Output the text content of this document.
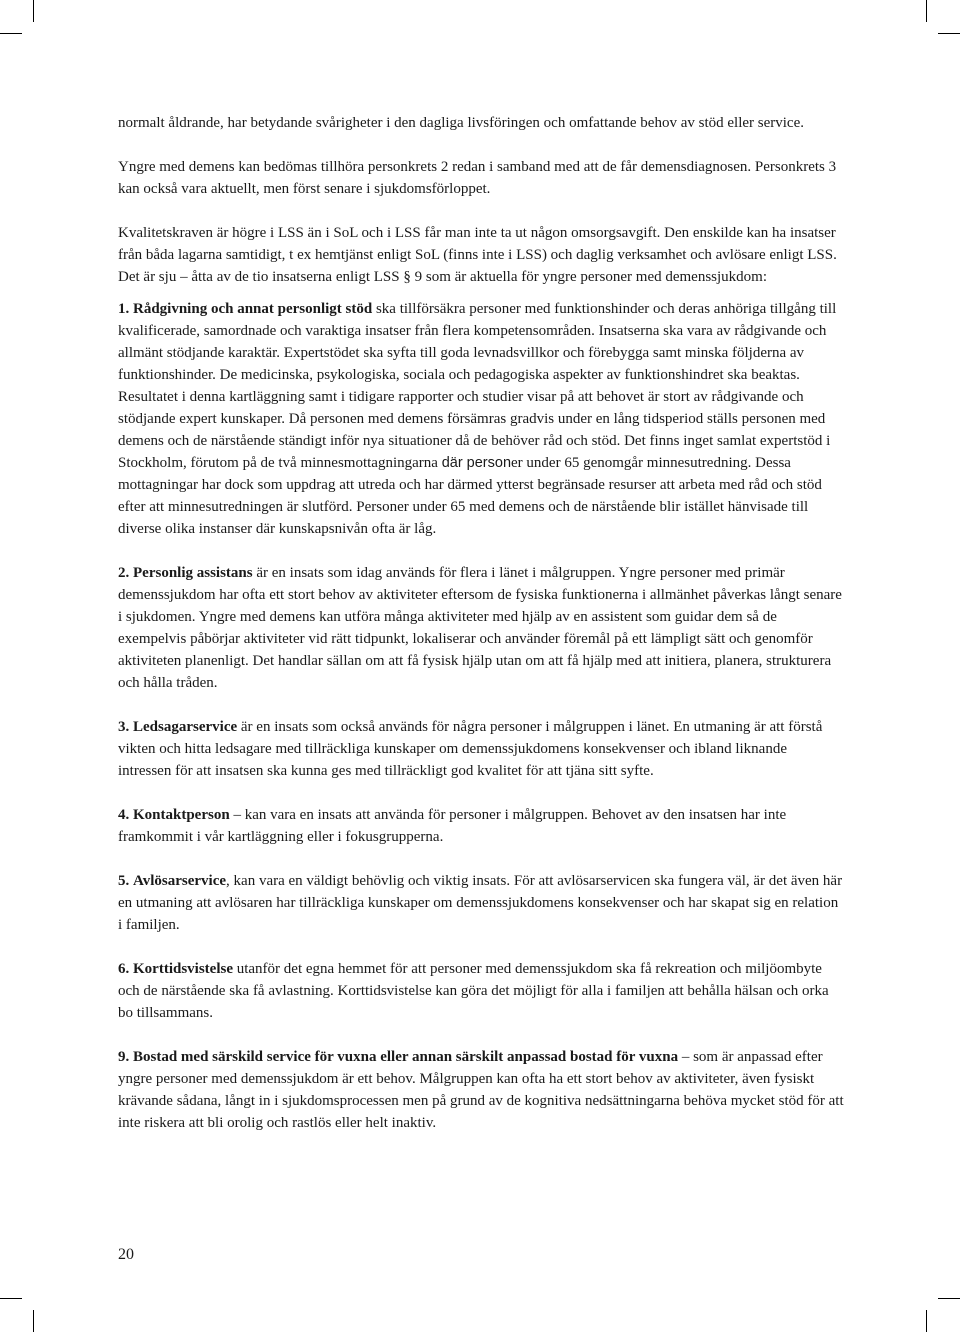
normalt åldrande, har betydande svårigheter i den dagliga livsföringen och omfattande behov av stöd eller service.

Yngre med demens kan bedömas tillhöra personkrets 2 redan i samband med att de får demensdiagnosen. Personkrets 3 kan också vara aktuellt, men först senare i sjukdomsförloppet.

Kvalitetskraven är högre i LSS än i SoL och i LSS får man inte ta ut någon omsorgsavgift. Den enskilde kan ha insatser från båda lagarna samtidigt, t ex hemtjänst enligt SoL (finns inte i LSS) och daglig verksamhet och avlösare enligt LSS. Det är sju – åtta av de tio insatserna enligt LSS § 9 som är aktuella för yngre personer med demenssjukdom:

1. Rådgivning och annat personligt stöd ska tillförsäkra personer med funktionshinder och deras anhöriga tillgång till kvalificerade, samordnade och varaktiga insatser från flera kompetensområden. Insatserna ska vara av rådgivande och allmänt stödjande karaktär. Expertstödet ska syfta till goda levnadsvillkor och förebygga samt minska följderna av funktionshinder. De medicinska, psykologiska, sociala och pedagogiska aspekter av funktionshindret ska beaktas. Resultatet i denna kartläggning samt i tidigare rapporter och studier visar på att behovet är stort av rådgivande och stödjande expert kunskaper. Då personen med demens försämras gradvis under en lång tidsperiod ställs personen med demens och de närstående ständigt inför nya situationer då de behöver råd och stöd. Det finns inget samlat expertstöd i Stockholm, förutom på de två minnesmottagningarna där personer under 65 genomgår minnesutredning. Dessa mottagningar har dock som uppdrag att utreda och har därmed ytterst begränsade resurser att arbeta med råd och stöd efter att minnesutredningen är slutförd. Personer under 65 med demens och de närstående blir istället hänvisade till diverse olika instanser där kunskapsnivån ofta är låg.

2. Personlig assistans är en insats som idag används för flera i länet i målgruppen. Yngre personer med primär demenssjukdom har ofta ett stort behov av aktiviteter eftersom de fysiska funktionerna i allmänhet påverkas långt senare i sjukdomen. Yngre med demens kan utföra många aktiviteter med hjälp av en assistent som guidar dem så de exempelvis påbörjar aktiviteter vid rätt tidpunkt, lokaliserar och använder föremål på ett lämpligt sätt och genomför aktiviteten planenligt. Det handlar sällan om att få fysisk hjälp utan om att få hjälp med att initiera, planera, strukturera och hålla tråden.

3. Ledsagarservice är en insats som också används för några personer i målgruppen i länet. En utmaning är att förstå vikten och hitta ledsagare med tillräckliga kunskaper om demenssjukdomens konsekvenser och ibland liknande intressen för att insatsen ska kunna ges med tillräckligt god kvalitet för att tjäna sitt syfte.

4. Kontaktperson – kan vara en insats att använda för personer i målgruppen. Behovet av den insatsen har inte framkommit i vår kartläggning eller i fokusgrupperna.

5. Avlösarservice, kan vara en väldigt behövlig och viktig insats. För att avlösarservicen ska fungera väl, är det även här en utmaning att avlösaren har tillräckliga kunskaper om demenssjukdomens konsekvenser och har skapat sig en relation i familjen.

6. Korttidsvistelse utanför det egna hemmet för att personer med demenssjukdom ska få rekreation och miljöombyte och de närstående ska få avlastning. Korttidsvistelse kan göra det möjligt för alla i familjen att behålla hälsan och orka bo tillsammans.

9. Bostad med särskild service för vuxna eller annan särskilt anpassad bostad för vuxna – som är anpassad efter yngre personer med demenssjukdom är ett behov. Målgruppen kan ofta ha ett stort behov av aktiviteter, även fysiskt krävande sådana, långt in i sjukdomsprocessen men på grund av de kognitiva nedsättningarna behöva mycket stöd för att inte riskera att bli orolig och rastlös eller helt inaktiv.

20
